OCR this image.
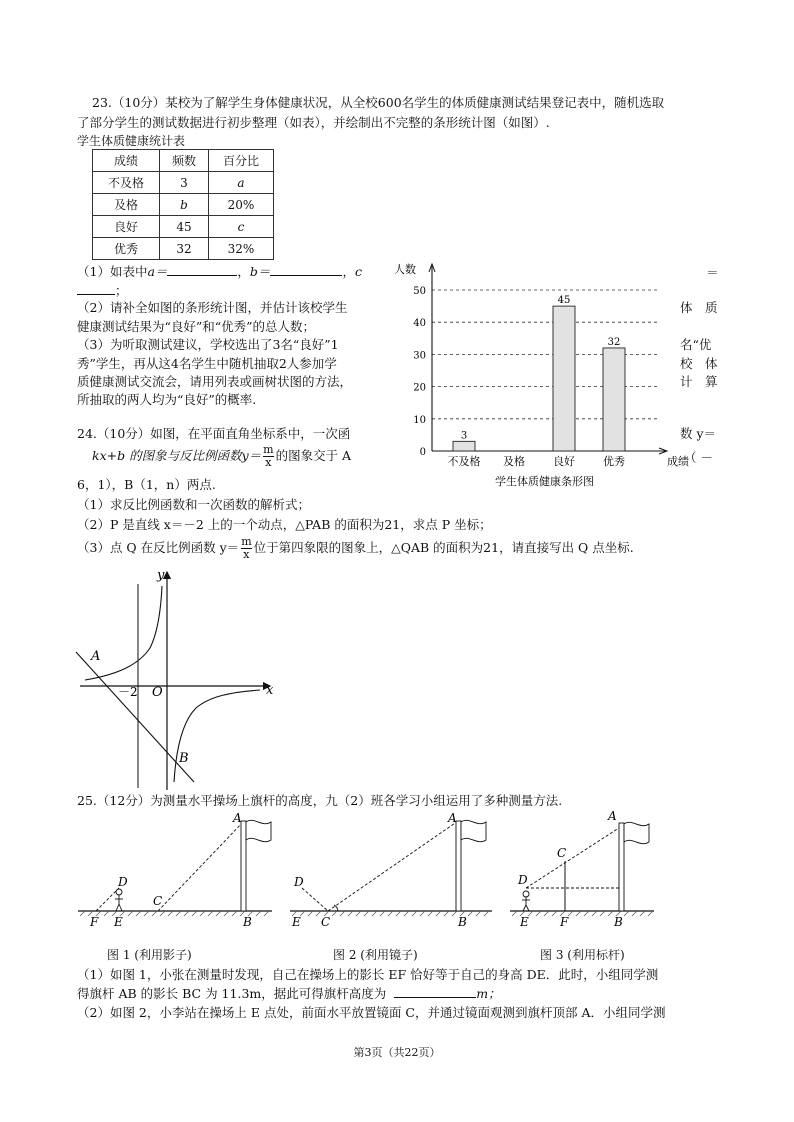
23.（10分）某校为了解学生身体健康状况，从全校600名学生的体质健康测试结果登记表中，随机选取
了部分学生的测试数据进行初步整理（如表），并绘制出不完整的条形统计图（如图）.
学生体质健康统计表
成绩	频数	百分比
不及格	3	a
及格	b	20%
良好	45	c
优秀	32	32%
（1）如表中a＝	，b＝	，c	＝
；
（2）请补全如图的条形统计图，并估计该校学生	体　质
健康测试结果为“良好”和“优秀”的总人数；
（3）为听取测试建议，学校选出了3名“良好”1	名“优
秀”学生，再从这4名学生中随机抽取2人参加学	校　体
质健康测试交流会，请用列表或画树状图的方法，	计　算
所抽取的两人均为“良好”的概率.
0
10
20
30
40
50
人数
成绩
不及格
3
及格	良好
45
优秀
32
学生体质健康条形图
24.（10分）如图，在平面直角坐标系中，一次函	数 y＝
kx+b 的图象与反比例函数$y= \frac{m}{x}$ 的图象交于 A	（ －
6，1），B（1，n）两点.
（1）求反比例函数和一次函数的解析式；
（2）P 是直线 x＝－2 上的一个动点，△PAB 的面积为21，求点 P 坐标；
（3）点 Q 在反比例函数 $y= \frac{m}{x}$ 位于第四象限的图象上，△QAB 的面积为21，请直接写出 Q 点坐标.
y
x
A
B
O
－2
25.（12分）为测量水平操场上旗杆的高度，九（2）班各学习小组运用了多种测量方法.
A
B
C
D
E
F
图 1 (利用影子)
A
B
C
D
E
图 2 (利用镜子)
A
B
C
D
E	F
图 3 (利用标杆)
（1）如图 1，小张在测量时发现，自己在操场上的影长 EF 恰好等于自己的身高 DE．此时，小组同学测
得旗杆 AB 的影长 BC 为 11.3m，据此可得旗杆高度为	m；
（2）如图 2，小李站在操场上 E 点处，前面水平放置镜面 C，并通过镜面观测到旗杆顶部 A．小组同学测
第3页（共22页）
